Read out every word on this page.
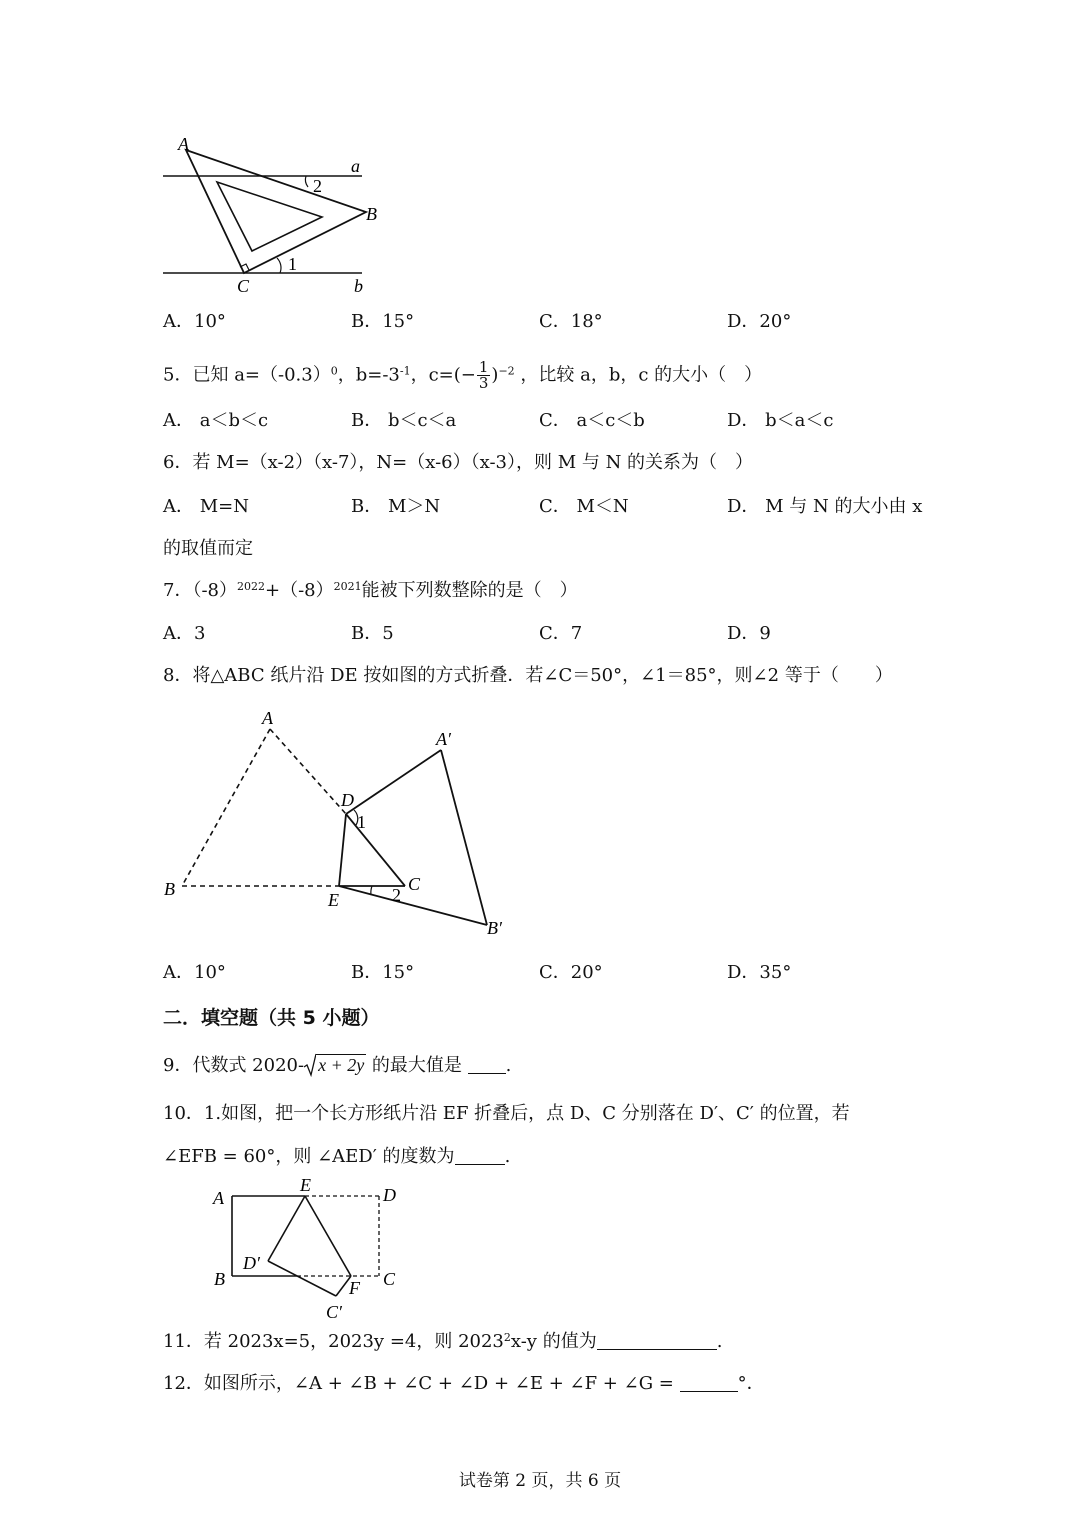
A
a
2
B
1
C	b
A．10°	B．15°	C．18°	D．20°
5．已知 $a=(-0.3)^0$，$b=-3^{-1}$，$c=(- \frac{1}{3} )^{-2}$ ，比较 a，b，c 的大小（　）
A． a＜b＜c	B． b＜c＜a	C． a＜c＜b	D． b＜a＜c
6．若 M=（x-2）（x-7），N=（x-6）（x-3），则 M 与 N 的关系为（　）
A． M=N	B． M＞N	C． M＜N	D． M 与 N 的大小由 x
的取值而定
7．$(-8)^{2022}+(-8)^{2021}$能被下列数整除的是（　）
A．3	B．5	C．7	D．9
8．将△ABC 纸片沿 DE 按如图的方式折叠．若∠C＝50°，∠1＝85°，则∠2 等于（　　）
A
A′
D
1
B
E
C
2
B′
A．10°	B．15°	C．20°	D．35°
二．填空题（共 5 小题）
9．代数式 2020- x + 2y 的最大值是 .
10．1.如图，把一个长方形纸片沿 EF 折叠后，点 D、C 分别落在 D′、C′ 的位置，若
∠EFB = 60°，则 ∠AED′ 的度数为	.
A
E	D
D′
B	F C
C′
11．若 2023x=5，2023y =4，则 2023$^2$x-y 的值为	.
12．如图所示，∠A + ∠B + ∠C + ∠D + ∠E + ∠F + ∠G =	°．
试卷第 2 页，共 6 页
